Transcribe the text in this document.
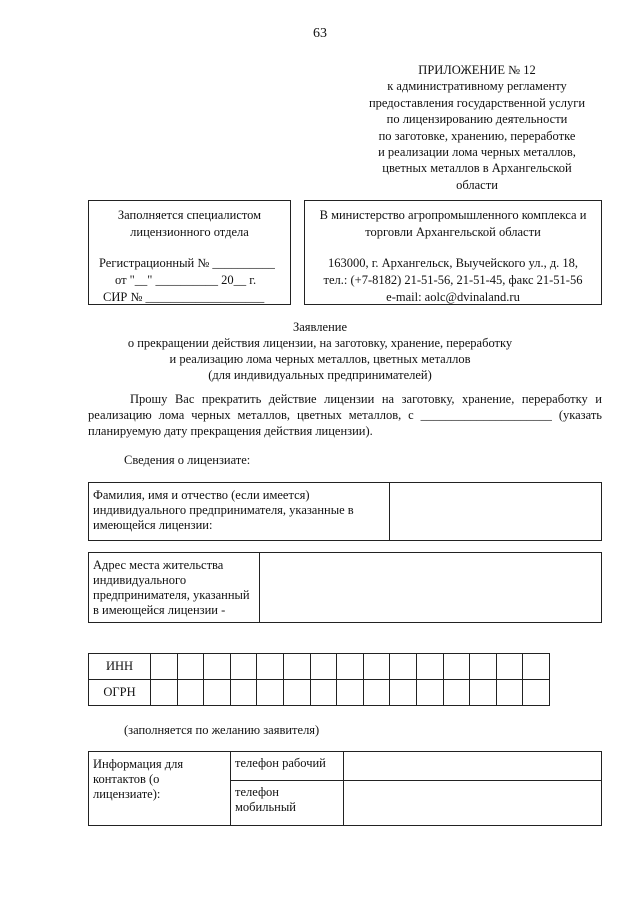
63
ПРИЛОЖЕНИЕ № 12
к административному регламенту
предоставления государственной услуги
по лицензированию деятельности
по заготовке, хранению, переработке
и реализации лома черных металлов,
цветных металлов в Архангельской
области
Заполняется специалистом
лицензионного отдела
Регистрационный № __________
от "__" __________ 20__ г.
СИР № ___________________
В министерство агропромышленного комплекса и
торговли Архангельской области
163000, г. Архангельск, Выучейского ул., д. 18,
тел.: (+7-8182) 21-51-56, 21-51-45, факс 21-51-56
e-mail: aolc@dvinaland.ru
Заявление
о прекращении действия лицензии, на заготовку, хранение, переработку
и реализацию лома черных металлов, цветных металлов
(для индивидуальных предпринимателей)
Прошу Вас прекратить действие лицензии на заготовку, хранение, переработку и реализацию лома черных металлов, цветных металлов, с _____________________ (указать планируемую дату прекращения действия лицензии).
Сведения о лицензиате:
Фамилия, имя и отчество (если имеется)
индивидуального предпринимателя, указанные в
имеющейся лицензии:

Адрес места жительства
индивидуального
предпринимателя, указанный
в имеющейся лицензии -

ИНН															
ОГРН															
(заполняется по желанию заявителя)
Информация для
контактов (о
лицензиате):	телефон рабочий	

	телефон
мобильный	
